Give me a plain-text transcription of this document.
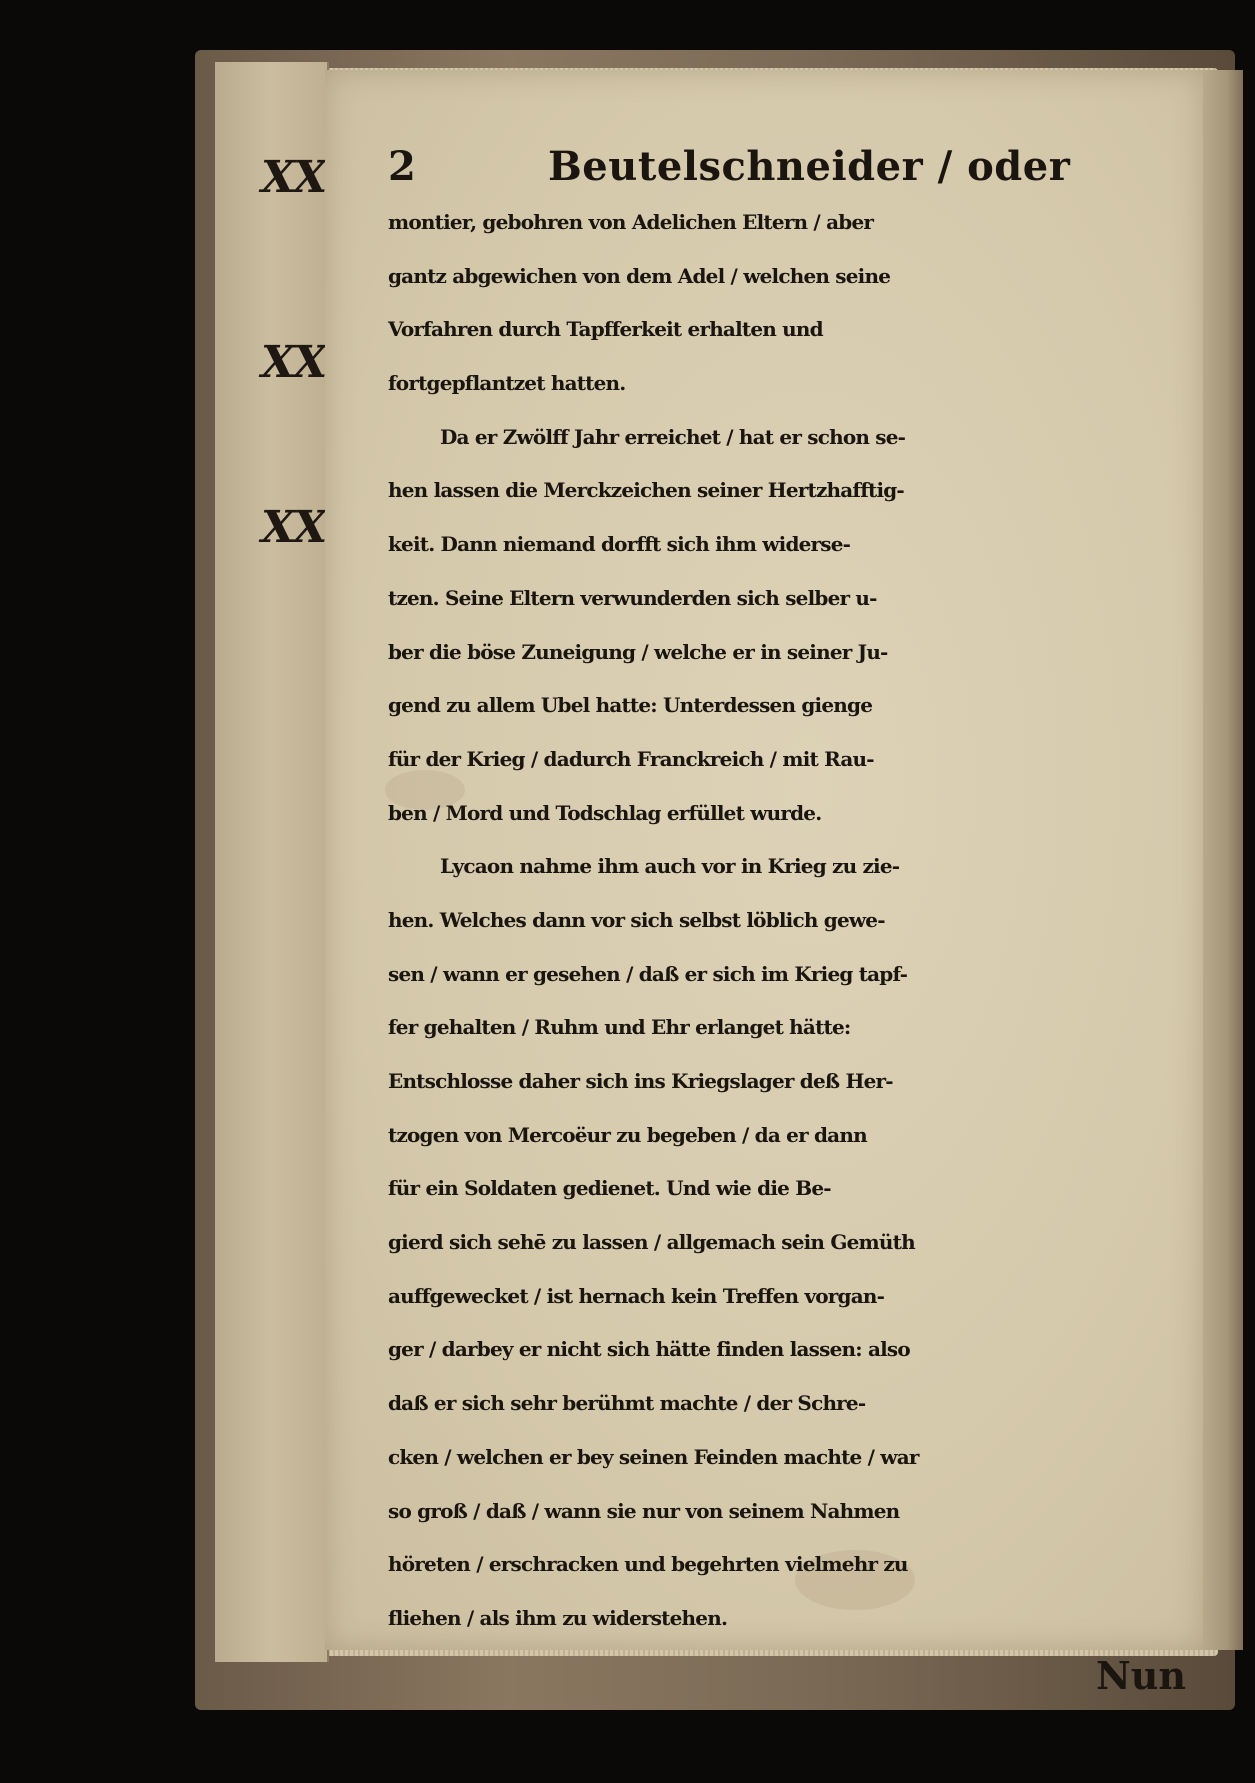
XX
XX
XX
2	Beutelschneider / oder
montier, gebohren von Adelichen Eltern / aber
gantz abgewichen von dem Adel / welchen seine
Vorfahren durch Tapfferkeit erhalten und
fortgepflantzet hatten.
Da er Zwölff Jahr erreichet / hat er schon se-
hen lassen die Merckzeichen seiner Hertzhafftig-
keit. Dann niemand dorfft sich ihm widerse-
tzen. Seine Eltern verwunderden sich selber u-
ber die böse Zuneigung / welche er in seiner Ju-
gend zu allem Ubel hatte: Unterdessen gienge
für der Krieg / dadurch Franckreich / mit Rau-
ben / Mord und Todschlag erfüllet wurde.
Lycaon nahme ihm auch vor in Krieg zu zie-
hen. Welches dann vor sich selbst löblich gewe-
sen / wann er gesehen / daß er sich im Krieg tapf-
fer gehalten / Ruhm und Ehr erlanget hätte:
Entschlosse daher sich ins Kriegslager deß Her-
tzogen von Mercoëur zu begeben / da er dann
für ein Soldaten gedienet. Und wie die Be-
gierd sich sehē zu lassen / allgemach sein Gemüth
auffgewecket / ist hernach kein Treffen vorgan-
ger / darbey er nicht sich hätte finden lassen: also
daß er sich sehr berühmt machte / der Schre-
cken / welchen er bey seinen Feinden machte / war
so groß / daß / wann sie nur von seinem Nahmen
höreten / erschracken und begehrten vielmehr zu
fliehen / als ihm zu widerstehen.
Nun
